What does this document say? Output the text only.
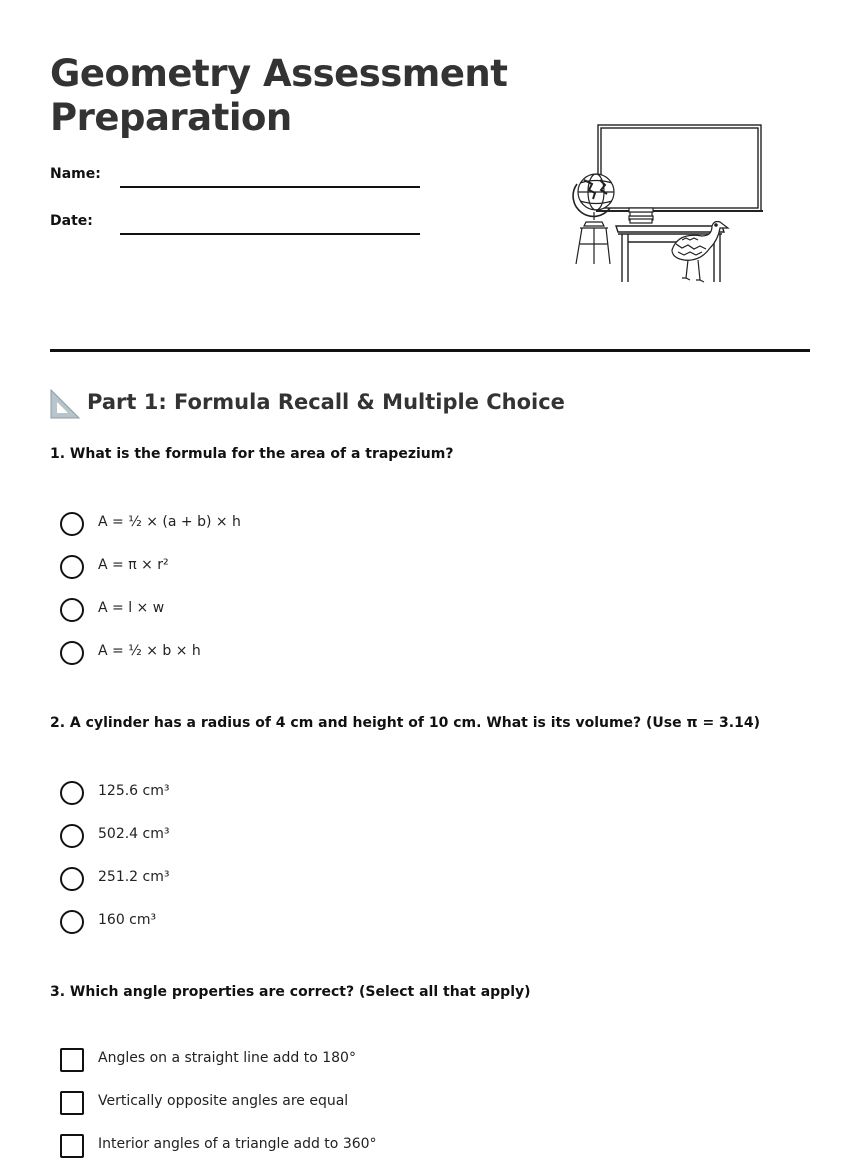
Geometry Assessment
Preparation
Name:
Date:
Part 1: Formula Recall & Multiple Choice

1. What is the formula for the area of a trapezium?

A = ½ × (a + b) × h
A = π × r²
A = l × w
A = ½ × b × h

2. A cylinder has a radius of 4 cm and height of 10 cm. What is its volume? (Use π = 3.14)

125.6 cm³
502.4 cm³
251.2 cm³
160 cm³

3. Which angle properties are correct? (Select all that apply)

Angles on a straight line add to 180°
Vertically opposite angles are equal
Interior angles of a triangle add to 360°
